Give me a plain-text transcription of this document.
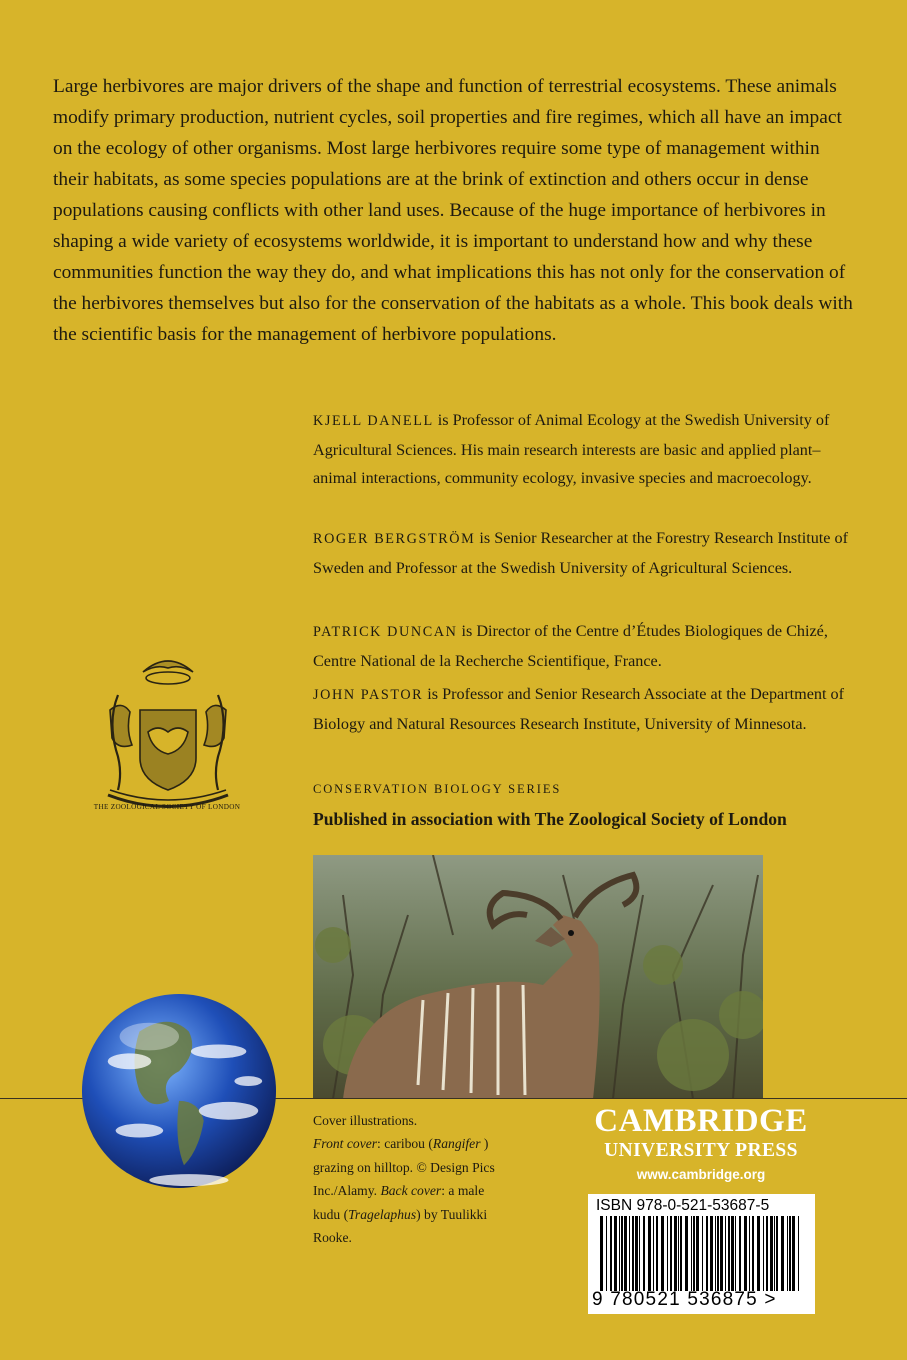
Large herbivores are major drivers of the shape and function of terrestrial ecosystems. These animals modify primary production, nutrient cycles, soil properties and fire regimes, which all have an impact on the ecology of other organisms. Most large herbivores require some type of management within their habitats, as some species populations are at the brink of extinction and others occur in dense populations causing conflicts with other land uses. Because of the huge importance of herbivores in shaping a wide variety of ecosystems worldwide, it is important to understand how and why these communities function the way they do, and what implications this has not only for the conservation of the herbivores themselves but also for the conservation of the habitats as a whole. This book deals with the scientific basis for the management of herbivore populations.

KJELL DANELL is Professor of Animal Ecology at the Swedish University of Agricultural Sciences. His main research interests are basic and applied plant–animal interactions, community ecology, invasive species and macroecology.

ROGER BERGSTRÖM is Senior Researcher at the Forestry Research Institute of Sweden and Professor at the Swedish University of Agricultural Sciences.

PATRICK DUNCAN is Director of the Centre d’Études Biologiques de Chizé, Centre National de la Recherche Scientifique, France.

JOHN PASTOR is Professor and Senior Research Associate at the Department of Biology and Natural Resources Research Institute, University of Minnesota.

CONSERVATION BIOLOGY SERIES

Published in association with The Zoological Society of London

THE ZOOLOGICAL SOCIETY OF LONDON

Cover illustrations.
Front cover: caribou (Rangifer ) grazing on hilltop. © Design Pics Inc./Alamy. Back cover: a male kudu (Tragelaphus) by Tuulikki Rooke.

CAMBRIDGE

UNIVERSITY PRESS

www.cambridge.org

ISBN 978-0-521-53687-5

9 780521 536875 >
